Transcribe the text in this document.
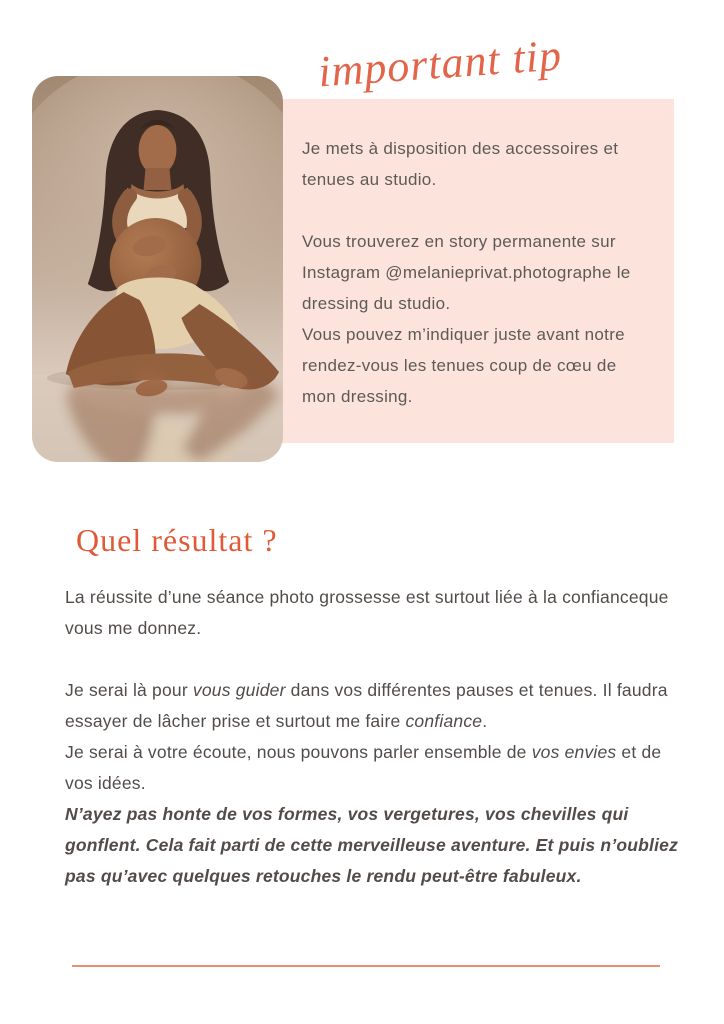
important tip

Je mets à disposition des accessoires et tenues au studio.

Vous trouverez en story permanente sur Instagram @melanieprivat.photographe le dressing du studio.

Vous pouvez m’indiquer juste avant notre rendez-vous les tenues coup de cœu de mon dressing.

Quel résultat ?

La réussite d’une séance photo grossesse est surtout liée à la confianceque vous me donnez.

Je serai là pour vous guider dans vos différentes pauses et tenues. Il faudra essayer de lâcher prise et surtout me faire confiance.

Je serai à votre écoute, nous pouvons parler ensemble de vos envies et de vos idées.

N’ayez pas honte de vos formes, vos vergetures, vos chevilles qui gonflent. Cela fait parti de cette merveilleuse aventure. Et puis n’oubliez pas qu’avec quelques retouches le rendu peut-être fabuleux.
